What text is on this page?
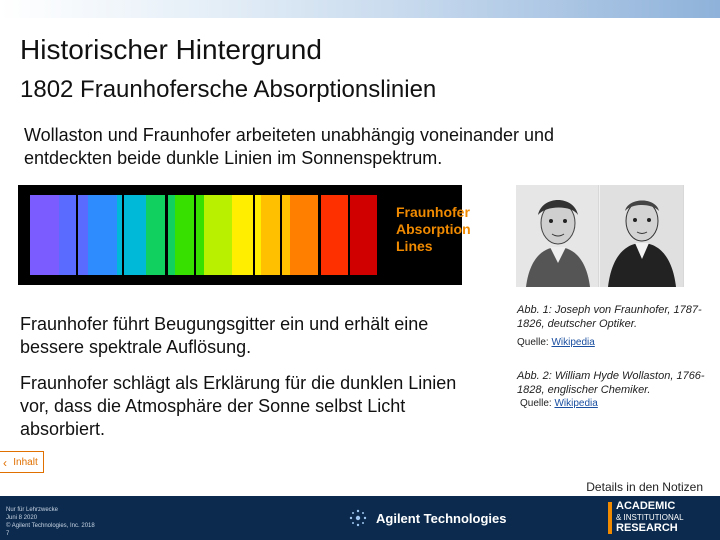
Historischer Hintergrund
1802 Fraunhofersche Absorptionslinien
Wollaston und Fraunhofer arbeiteten unabhängig voneinander und entdeckten beide dunkle Linien im Sonnenspektrum.
Fraunhofer
Absorption
Lines
Fraunhofer führt Beugungsgitter ein und erhält eine bessere spektrale Auflösung.
Fraunhofer schlägt als Erklärung für die dunklen Linien vor, dass die Atmosphäre der Sonne selbst Licht absorbiert.
Abb. 1: Joseph von Fraunhofer, 1787-1826, deutscher Optiker.
Quelle: Wikipedia
Abb. 2: William Hyde Wollaston, 1766-1828, englischer Chemiker.
Quelle: Wikipedia
‹ Inhalt
Details in den Notizen
Nur für Lehrzwecke
Juni 8 2020
© Agilent Technologies, Inc. 2018
7
Agilent Technologies
ACADEMIC
& INSTITUTIONAL
RESEARCH
